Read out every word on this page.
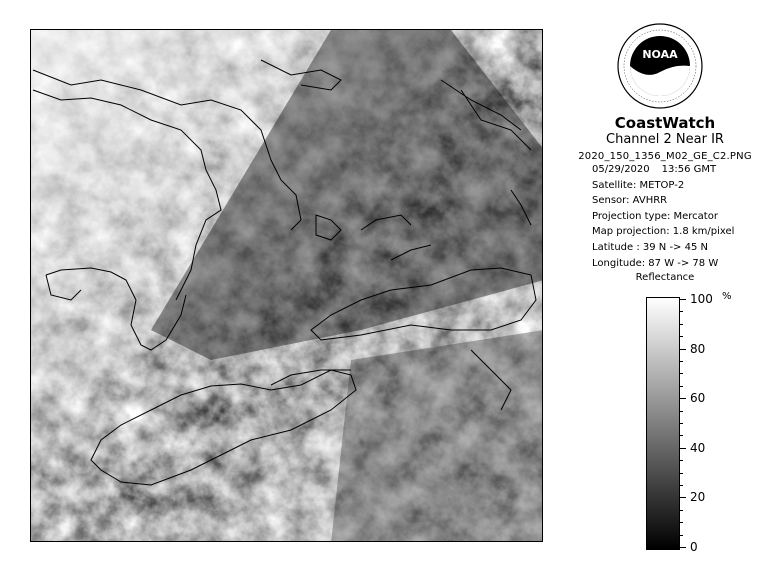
NOAA
CoastWatch
Channel 2 Near IR
2020_150_1356_M02_GE_C2.PNG
05/29/2020 13:56 GMT
Satellite: METOP-2
Sensor: AVHRR
Projection type: Mercator
Map projection: 1.8 km/pixel
Latitude : 39 N -> 45 N
Longitude: 87 W -> 78 W
Reflectance
%
100
80
60
40
20
0
